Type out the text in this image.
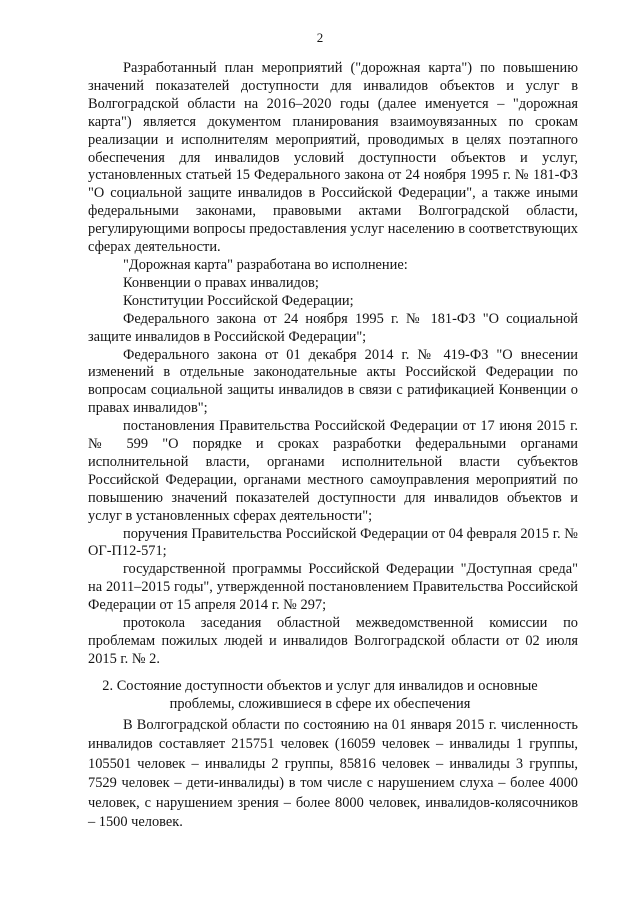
2

Разработанный план мероприятий ("дорожная карта") по повышению значений показателей доступности для инвалидов объектов и услуг в Волгоградской области на 2016–2020 годы (далее именуется – "дорожная карта") является документом планирования взаимоувязанных по срокам реализации и исполнителям мероприятий, проводимых в целях поэтапного обеспечения для инвалидов условий доступности объектов и услуг, установленных статьей 15 Федерального закона от 24 ноября 1995 г. № 181-ФЗ "О социальной защите инвалидов в Российской Федерации", а также иными федеральными законами, правовыми актами Волгоградской области, регулирующими вопросы предоставления услуг населению в соответствующих сферах деятельности.

"Дорожная карта" разработана во исполнение:

Конвенции о правах инвалидов;

Конституции Российской Федерации;

Федерального закона от 24 ноября 1995 г. № 181-ФЗ "О социальной защите инвалидов в Российской Федерации";

Федерального закона от 01 декабря 2014 г. № 419-ФЗ "О внесении изменений в отдельные законодательные акты Российской Федерации по вопросам социальной защиты инвалидов в связи с ратификацией Конвенции о правах инвалидов";

постановления Правительства Российской Федерации от 17 июня 2015 г. № 599 "О порядке и сроках разработки федеральными органами исполнительной власти, органами исполнительной власти субъектов Российской Федерации, органами местного самоуправления мероприятий по повышению значений показателей доступности для инвалидов объектов и услуг в установленных сферах деятельности";

поручения Правительства Российской Федерации от 04 февраля 2015 г. № ОГ-П12-571;

государственной программы Российской Федерации "Доступная среда" на 2011–2015 годы", утвержденной постановлением Правительства Российской Федерации от 15 апреля 2014 г. № 297;

протокола заседания областной межведомственной комиссии по проблемам пожилых людей и инвалидов Волгоградской области от 02 июля 2015 г. № 2.

2. Состояние доступности объектов и услуг для инвалидов и основные проблемы, сложившиеся в сфере их обеспечения

В Волгоградской области по состоянию на 01 января 2015 г. численность инвалидов составляет 215751 человек (16059 человек – инвалиды 1 группы, 105501 человек – инвалиды 2 группы, 85816 человек – инвалиды 3 группы, 7529 человек – дети-инвалиды) в том числе с нарушением слуха – более 4000 человек, с нарушением зрения – более 8000 человек, инвалидов-колясочников – 1500 человек.
